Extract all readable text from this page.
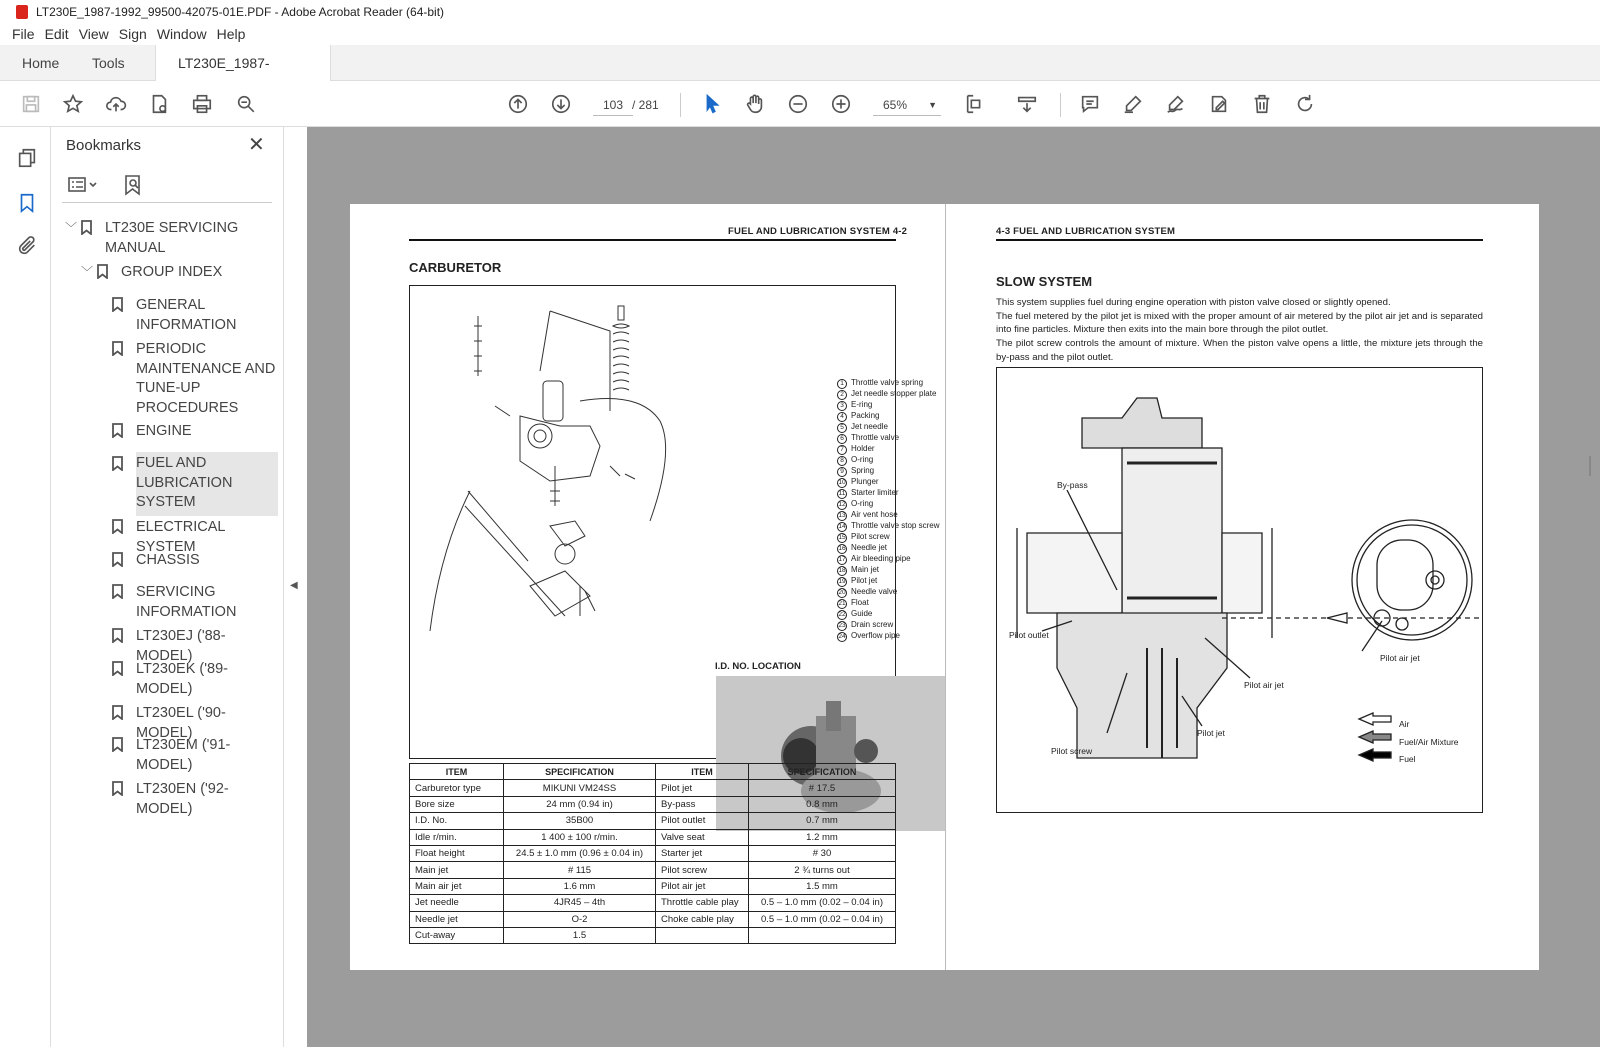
LT230E_1987-1992_99500-42075-01E.PDF - Adobe Acrobat Reader (64-bit)
File Edit View Sign Window Help
Home	Tools	LT230E_1987-
103 / 281	65% ▼
Bookmarks	✕
﹀ LT230E SERVICING MANUAL
﹀ GROUP INDEX
GENERAL INFORMATION
PERIODIC MAINTENANCE AND TUNE-UP PROCEDURES
ENGINE
FUEL AND LUBRICATION SYSTEM
ELECTRICAL SYSTEM
CHASSIS
SERVICING INFORMATION
LT230EJ ('88-MODEL)
LT230EK ('89-MODEL)
LT230EL ('90-MODEL)
LT230EM ('91-MODEL)
LT230EN ('92-MODEL)
◀
FUEL AND LUBRICATION SYSTEM 4-2
CARBURETOR
1 Throttle valve spring
2 Jet needle stopper plate
3 E-ring
4 Packing
5 Jet needle
6 Throttle valve
7 Holder
8 O-ring
9 Spring
10 Plunger
11 Starter limiter
12 O-ring
13 Air vent hose
14 Throttle valve stop screw
15 Pilot screw
16 Needle jet
17 Air bleeding pipe
18 Main jet
19 Pilot jet
20 Needle valve
21 Float
22 Guide
23 Drain screw
24 Overflow pipe
I.D. NO. LOCATION
ITEM	SPECIFICATION	ITEM	SPECIFICATION
Carburetor type	MIKUNI VM24SS	Pilot jet	# 17.5
Bore size	24 mm (0.94 in)	By-pass	0.8 mm
I.D. No.	35B00	Pilot outlet	0.7 mm
Idle r/min.	1 400 ± 100 r/min.	Valve seat	1.2 mm
Float height	24.5 ± 1.0 mm (0.96 ± 0.04 in)	Starter jet	# 30
Main jet	# 115	Pilot screw	2 ¾ turns out
Main air jet	1.6 mm	Pilot air jet	1.5 mm
Jet needle	4JR45 – 4th	Throttle cable play	0.5 – 1.0 mm (0.02 – 0.04 in)
Needle jet	O-2	Choke cable play	0.5 – 1.0 mm (0.02 – 0.04 in)
Cut-away	1.5		
4-3 FUEL AND LUBRICATION SYSTEM
SLOW SYSTEM
This system supplies fuel during engine operation with piston valve closed or slightly opened.
The fuel metered by the pilot jet is mixed with the proper amount of air metered by the pilot air jet and is separated into fine particles. Mixture then exits into the main bore through the pilot outlet.
The pilot screw controls the amount of mixture. When the piston valve opens a little, the mixture jets through the by-pass and the pilot outlet.
By-pass
Pilot outlet
Pilot air jet
Pilot air jet
Pilot jet
Pilot screw
Air
Fuel/Air Mixture
Fuel
